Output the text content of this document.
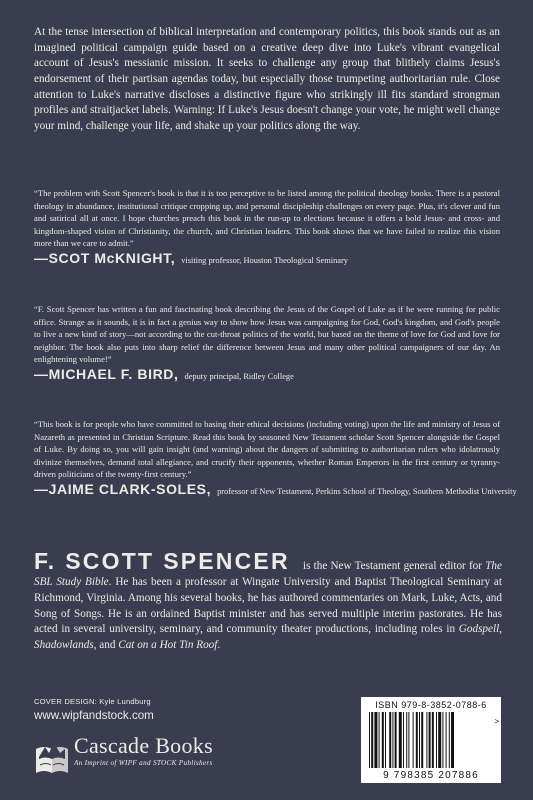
At the tense intersection of biblical interpretation and contemporary politics, this book stands out as an imagined political campaign guide based on a creative deep dive into Luke's vibrant evangelical account of Jesus's messianic mission. It seeks to challenge any group that blithely claims Jesus's endorsement of their partisan agendas today, but especially those trumpeting authoritarian rule. Close attention to Luke's narrative discloses a distinctive figure who strikingly ill fits standard strongman profiles and straitjacket labels. Warning: If Luke's Jesus doesn't change your vote, he might well change your mind, challenge your life, and shake up your politics along the way.

“The problem with Scott Spencer's book is that it is too perceptive to be listed among the political theology books. There is a pastoral theology in abundance, institutional critique cropping up, and personal discipleship challenges on every page. Plus, it's clever and fun and satirical all at once. I hope churches preach this book in the run-up to elections because it offers a bold Jesus- and cross- and kingdom-shaped vision of Christianity, the church, and Christian leaders. This book shows that we have failed to realize this vision more than we care to admit.”
—SCOT McKNIGHT, visiting professor, Houston Theological Seminary
“F. Scott Spencer has written a fun and fascinating book describing the Jesus of the Gospel of Luke as if he were running for public office. Strange as it sounds, it is in fact a genius way to show how Jesus was campaigning for God, God's kingdom, and God's people to live a new kind of story—not according to the cut-throat politics of the world, but based on the theme of love for God and love for neighbor. The book also puts into sharp relief the difference between Jesus and many other political campaigners of our day. An enlightening volume!”
—MICHAEL F. BIRD, deputy principal, Ridley College
“This book is for people who have committed to basing their ethical decisions (including voting) upon the life and ministry of Jesus of Nazareth as presented in Christian Scripture. Read this book by seasoned New Testament scholar Scott Spencer alongside the Gospel of Luke. By doing so, you will gain insight (and warning) about the dangers of submitting to authoritarian rulers who idolatrously divinize themselves, demand total allegiance, and crucify their opponents, whether Roman Emperors in the first century or tyranny-driven politicians of the twenty-first century.”
—JAIME CLARK-SOLES, professor of New Testament, Perkins School of Theology, Southern Methodist University

F. SCOTT SPENCER is the New Testament general editor for The SBL Study Bible. He has been a professor at Wingate University and Baptist Theological Seminary at Richmond, Virginia. Among his several books, he has authored commentaries on Mark, Luke, Acts, and Song of Songs. He is an ordained Baptist minister and has served multiple interim pastorates. He has acted in several university, seminary, and community theater productions, including roles in Godspell, Shadowlands, and Cat on a Hot Tin Roof.

COVER DESIGN: Kyle Lundburg
www.wipfandstock.com
Cascade Books
An Imprint of WIPF and STOCK Publishers
ISBN 979-8-3852-0788-6
9 798385 207886
>
